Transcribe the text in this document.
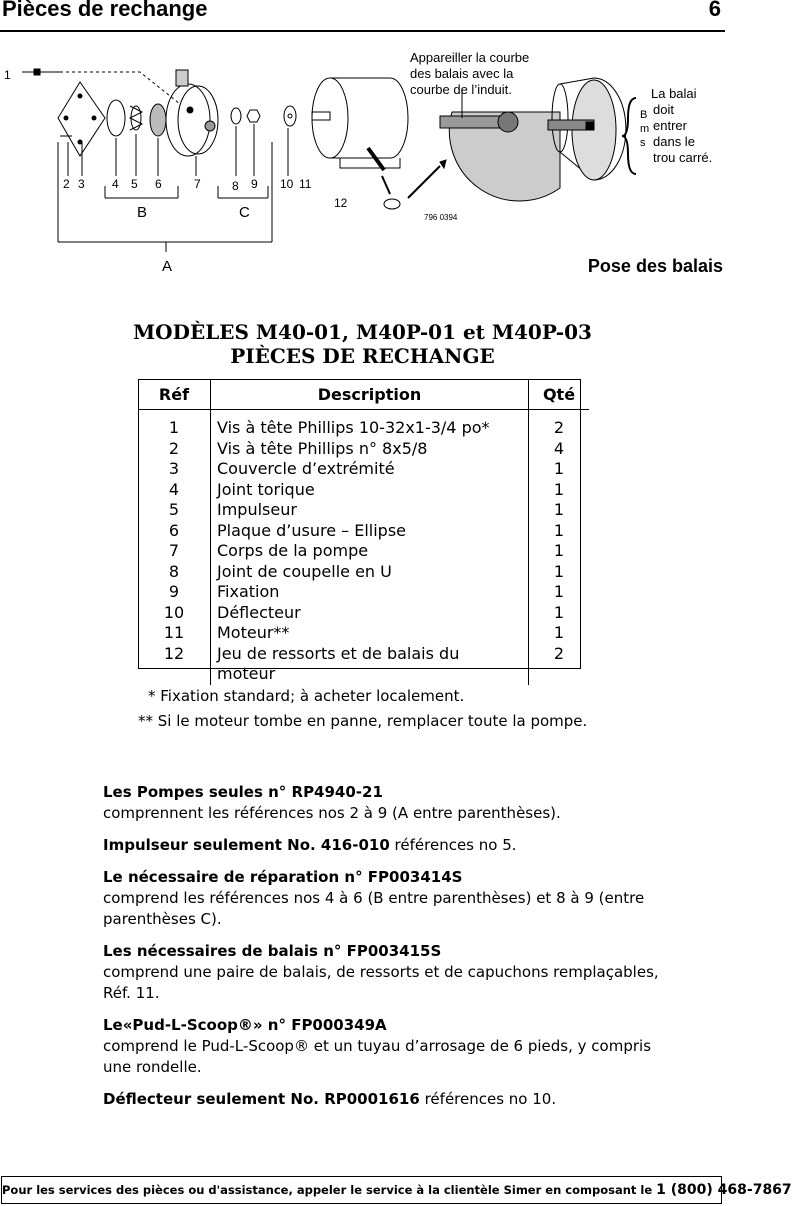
Pièces de rechange	6
1
2 3 4 5 6	7	8 9 10 11
12
B	C
A
796 0394
Appareiller la courbe
des balais avec la
courbe de l’induit.
B
m
s
La balai
doit
entrer
dans le
trou carré.
Pose des balais
MODÈLES M40-01, M40P-01 et M40P-03
PIÈCES DE RECHANGE
Réf	Description	Qté
1	Vis à tête Phillips 10-32x1-3/4 po*	2
2	Vis à tête Phillips n° 8x5/8	4
3	Couvercle d’extrémité	1
4	Joint torique	1
5	Impulseur	1
6	Plaque d’usure – Ellipse	1
7	Corps de la pompe	1
8	Joint de coupelle en U	1
9	Fixation	1
10	Déflecteur	1
11	Moteur**	1
12	Jeu de ressorts et de balais du moteur	2
* Fixation standard; à acheter localement.
** Si le moteur tombe en panne, remplacer toute la pompe.
Les Pompes seules n° RP4940-21
comprennent les références nos 2 à 9 (A entre parenthèses).
Impulseur seulement No. 416-010 références no 5.
Le nécessaire de réparation n° FP003414S
comprend les références nos 4 à 6 (B entre parenthèses) et 8 à 9 (entre parenthèses C).
Les nécessaires de balais n° FP003415S
comprend une paire de balais, de ressorts et de capuchons remplaçables, Réf. 11.
Le«Pud-L-Scoop®» n° FP000349A
comprend le Pud-L-Scoop® et un tuyau d’arrosage de 6 pieds, y compris une rondelle.
Déflecteur seulement No. RP0001616 références no 10.
Pour les services des pièces ou d'assistance, appeler le service à la clientèle Simer en composant le 1 (800) 468-7867
